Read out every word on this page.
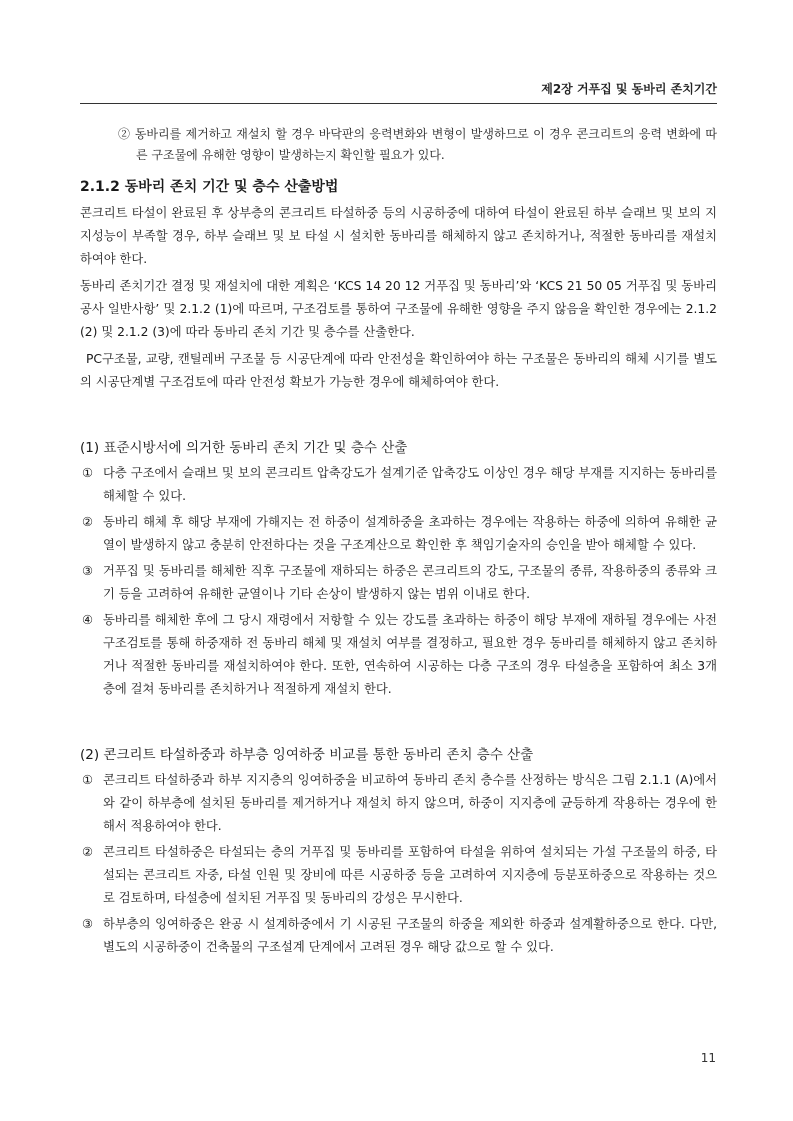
제2장 거푸집 및 동바리 존치기간

② 동바리를 제거하고 재설치 할 경우 바닥판의 응력변화와 변형이 발생하므로 이 경우 콘크리트의 응력 변화에 따른 구조물에 유해한 영향이 발생하는지 확인할 필요가 있다.

2.1.2 동바리 존치 기간 및 층수 산출방법

콘크리트 타설이 완료된 후 상부층의 콘크리트 타설하중 등의 시공하중에 대하여 타설이 완료된 하부 슬래브 및 보의 지지성능이 부족할 경우, 하부 슬래브 및 보 타설 시 설치한 동바리를 해체하지 않고 존치하거나, 적절한 동바리를 재설치하여야 한다.

동바리 존치기간 결정 및 재설치에 대한 계획은 ‘KCS 14 20 12 거푸집 및 동바리’와 ‘KCS 21 50 05 거푸집 및 동바리공사 일반사항’ 및 2.1.2 (1)에 따르며, 구조검토를 통하여 구조물에 유해한 영향을 주지 않음을 확인한 경우에는 2.1.2 (2) 및 2.1.2 (3)에 따라 동바리 존치 기간 및 층수를 산출한다.

PC구조물, 교량, 캔틸레버 구조물 등 시공단계에 따라 안전성을 확인하여야 하는 구조물은 동바리의 해체 시기를 별도의 시공단계별 구조검토에 따라 안전성 확보가 가능한 경우에 해체하여야 한다.

(1) 표준시방서에 의거한 동바리 존치 기간 및 층수 산출
① 다층 구조에서 슬래브 및 보의 콘크리트 압축강도가 설계기준 압축강도 이상인 경우 해당 부재를 지지하는 동바리를 해체할 수 있다.
② 동바리 해체 후 해당 부재에 가해지는 전 하중이 설계하중을 초과하는 경우에는 작용하는 하중에 의하여 유해한 균열이 발생하지 않고 충분히 안전하다는 것을 구조계산으로 확인한 후 책임기술자의 승인을 받아 해체할 수 있다.
③ 거푸집 및 동바리를 해체한 직후 구조물에 재하되는 하중은 콘크리트의 강도, 구조물의 종류, 작용하중의 종류와 크기 등을 고려하여 유해한 균열이나 기타 손상이 발생하지 않는 범위 이내로 한다.
④ 동바리를 해체한 후에 그 당시 재령에서 저항할 수 있는 강도를 초과하는 하중이 해당 부재에 재하될 경우에는 사전 구조검토를 통해 하중재하 전 동바리 해체 및 재설치 여부를 결정하고, 필요한 경우 동바리를 해체하지 않고 존치하거나 적절한 동바리를 재설치하여야 한다. 또한, 연속하여 시공하는 다층 구조의 경우 타설층을 포함하여 최소 3개 층에 걸쳐 동바리를 존치하거나 적절하게 재설치 한다.
(2) 콘크리트 타설하중과 하부층 잉여하중 비교를 통한 동바리 존치 층수 산출
① 콘크리트 타설하중과 하부 지지층의 잉여하중을 비교하여 동바리 존치 층수를 산정하는 방식은 그림 2.1.1 (A)에서와 같이 하부층에 설치된 동바리를 제거하거나 재설치 하지 않으며, 하중이 지지층에 균등하게 작용하는 경우에 한해서 적용하여야 한다.
② 콘크리트 타설하중은 타설되는 층의 거푸집 및 동바리를 포함하여 타설을 위하여 설치되는 가설 구조물의 하중, 타설되는 콘크리트 자중, 타설 인원 및 장비에 따른 시공하중 등을 고려하여 지지층에 등분포하중으로 작용하는 것으로 검토하며, 타설층에 설치된 거푸집 및 동바리의 강성은 무시한다.
③ 하부층의 잉여하중은 완공 시 설계하중에서 기 시공된 구조물의 하중을 제외한 하중과 설계활하중으로 한다. 다만, 별도의 시공하중이 건축물의 구조설계 단계에서 고려된 경우 해당 값으로 할 수 있다.
11
